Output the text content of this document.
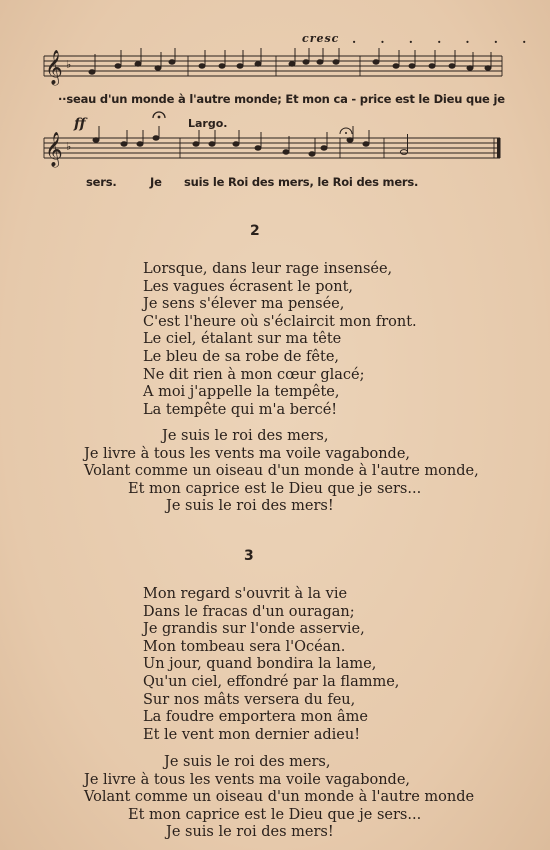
𝄞 ♭
cresc . . . . . . .
··seau d'un monde à l'autre monde; Et mon ca - price est le Dieu que je
𝄞 ♭
ff	Largo.
sers.	Je suis le Roi des mers, le Roi des mers.
2
Lorsque, dans leur rage insensée,
Les vagues écrasent le pont,
Je sens s'élever ma pensée,
C'est l'heure où s'éclaircit mon front.
Le ciel, étalant sur ma tête
Le bleu de sa robe de fête,
Ne dit rien à mon cœur glacé;
A moi j'appelle la tempête,
La tempête qui m'a bercé!
Je suis le roi des mers,
Je livre à tous les vents ma voile vagabonde,
Volant comme un oiseau d'un monde à l'autre monde,
Et mon caprice est le Dieu que je sers...
Je suis le roi des mers!
3
Mon regard s'ouvrit à la vie
Dans le fracas d'un ouragan;
Je grandis sur l'onde asservie,
Mon tombeau sera l'Océan.
Un jour, quand bondira la lame,
Qu'un ciel, effondré par la flamme,
Sur nos mâts versera du feu,
La foudre emportera mon âme
Et le vent mon dernier adieu!
Je suis le roi des mers,
Je livre à tous les vents ma voile vagabonde,
Volant comme un oiseau d'un monde à l'autre monde
Et mon caprice est le Dieu que je sers...
Je suis le roi des mers!
